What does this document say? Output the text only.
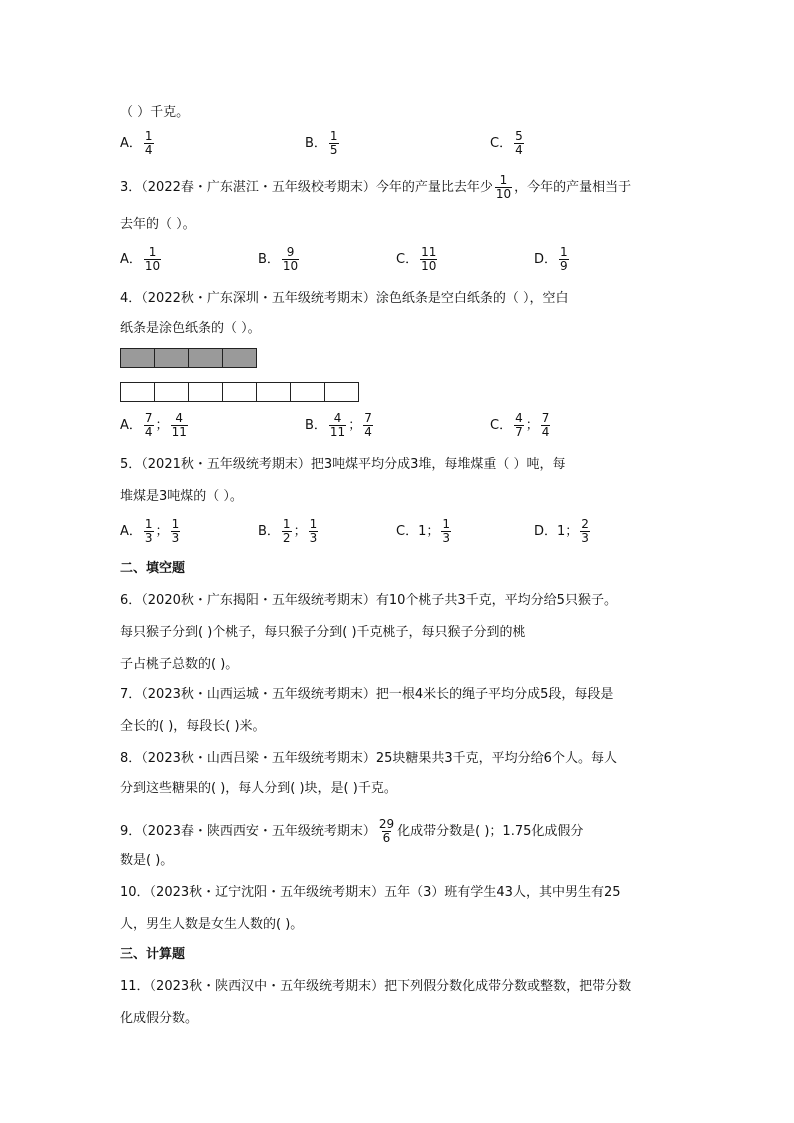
（ ）千克。
A． $\frac{1}{4}$	B． $\frac{1}{5}$	C． $\frac{5}{4}$
3．（2022春・广东湛江・五年级校考期末）今年的产量比去年少 $\frac{1}{10}$ ，今年的产量相当于
去年的（ ）。
A． $\frac{1}{10}$	B． $\frac{9}{10}$	C． $\frac{11}{10}$	D． $\frac{1}{9}$
4．（2022秋・广东深圳・五年级统考期末）涂色纸条是空白纸条的（ ），空白
纸条是涂色纸条的（ ）。
A． $\frac{7}{4}$ ； $\frac{4}{11}$	B． $\frac{4}{11}$ ； $\frac{7}{4}$	C． $\frac{4}{7}$ ； $\frac{7}{4}$
5．（2021秋・五年级统考期末）把3吨煤平均分成3堆，每堆煤重（ ）吨，每
堆煤是3吨煤的（ ）。
A． $\frac{1}{3}$ ； $\frac{1}{3}$	B． $\frac{1}{2}$ ； $\frac{1}{3}$	C．1； $\frac{1}{3}$	D．1； $\frac{2}{3}$
二、填空题
6．（2020秋・广东揭阳・五年级统考期末）有10个桃子共3千克，平均分给5只猴子。
每只猴子分到( )个桃子，每只猴子分到( )千克桃子，每只猴子分到的桃
子占桃子总数的( )。
7．（2023秋・山西运城・五年级统考期末）把一根4米长的绳子平均分成5段，每段是
全长的( )，每段长( )米。
8．（2023秋・山西吕梁・五年级统考期末）25块糖果共3千克，平均分给6个人。每人
分到这些糖果的( )，每人分到( )块，是( )千克。
9．（2023春・陕西西安・五年级统考期末） $\frac{29}{6}$ 化成带分数是( )；1.75化成假分
数是( )。
10．（2023秋・辽宁沈阳・五年级统考期末）五年（3）班有学生43人，其中男生有25
人，男生人数是女生人数的( )。
三、计算题
11．（2023秋・陕西汉中・五年级统考期末）把下列假分数化成带分数或整数，把带分数
化成假分数。
